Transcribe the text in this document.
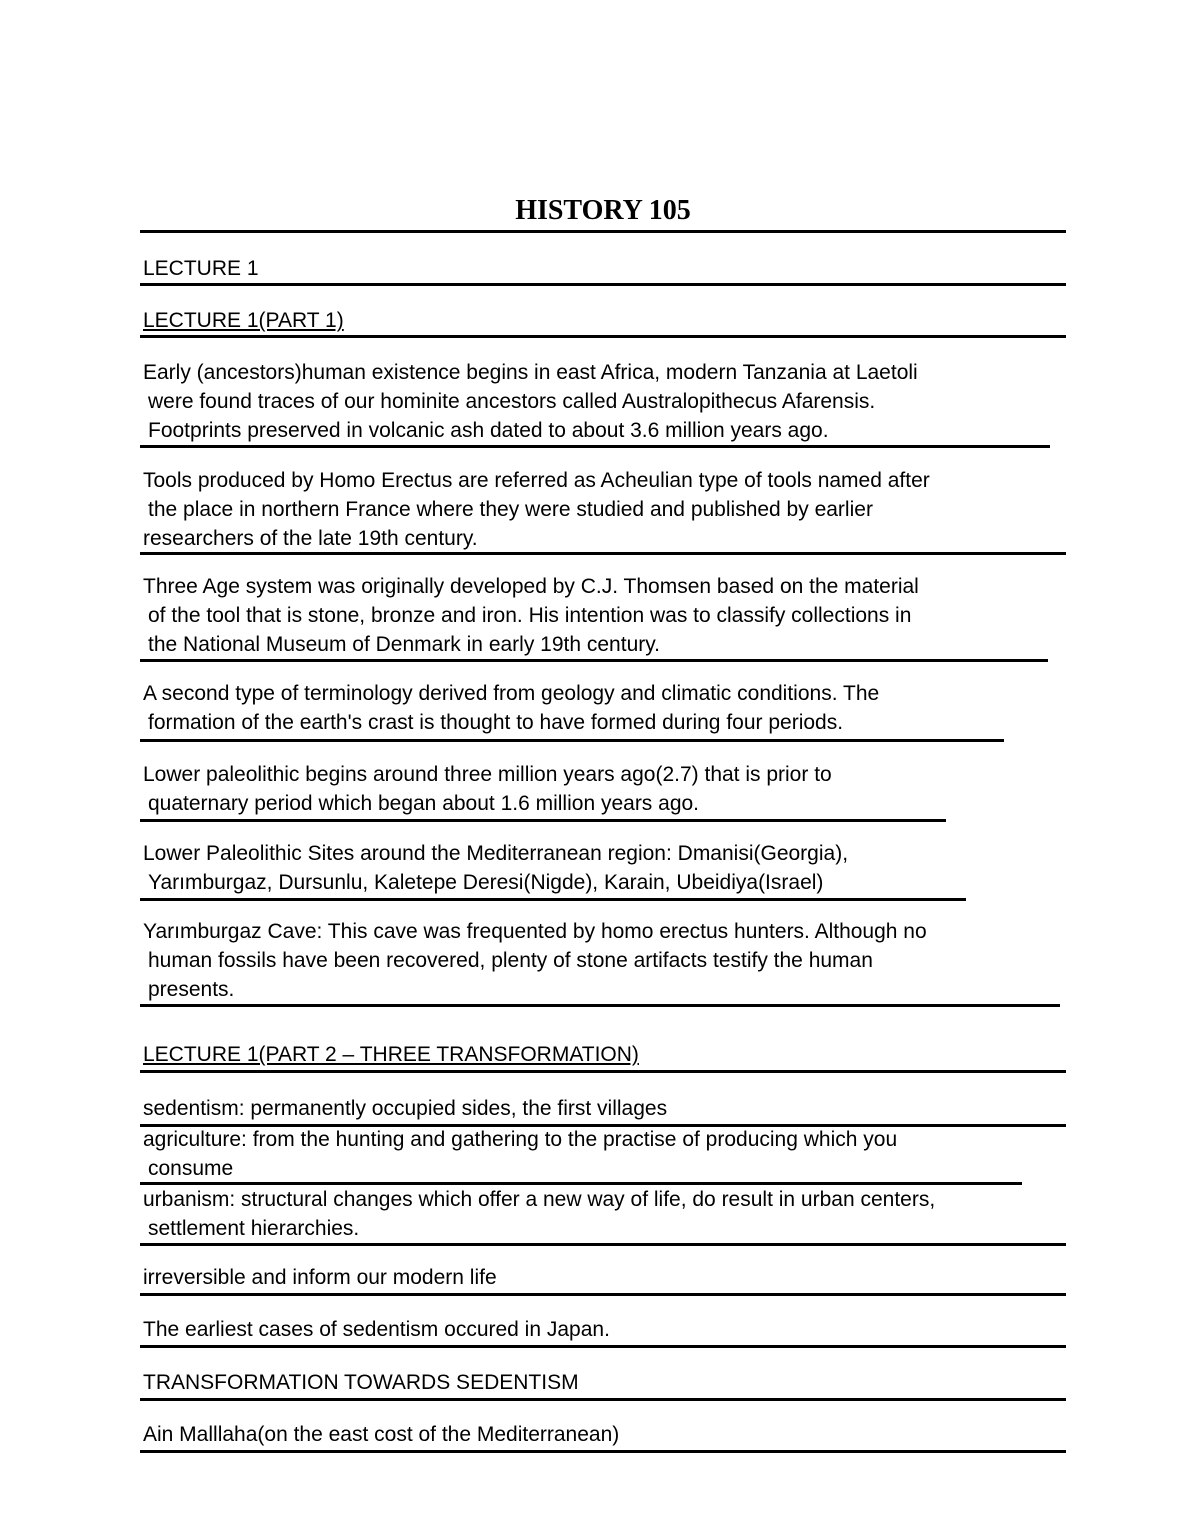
HISTORY 105
LECTURE 1
LECTURE 1(PART 1)
Early (ancestors)human existence begins in east Africa, modern Tanzania at Laetoli
were found traces of our hominite ancestors called Australopithecus Afarensis.
Footprints preserved in volcanic ash dated to about 3.6 million years ago.
Tools produced by Homo Erectus are referred as Acheulian type of tools named after
the place in northern France where they were studied and published by earlier
researchers of the late 19th century.
Three Age system was originally developed by C.J. Thomsen based on the material
of the tool that is stone, bronze and iron. His intention was to classify collections in
the National Museum of Denmark in early 19th century.
A second type of terminology derived from geology and climatic conditions. The
formation of the earth's crast is thought to have formed during four periods.
Lower paleolithic begins around three million years ago(2.7) that is prior to
quaternary period which began about 1.6 million years ago.
Lower Paleolithic Sites around the Mediterranean region: Dmanisi(Georgia),
Yarımburgaz, Dursunlu, Kaletepe Deresi(Nigde), Karain, Ubeidiya(Israel)
Yarımburgaz Cave: This cave was frequented by homo erectus hunters. Although no
human fossils have been recovered, plenty of stone artifacts testify the human
presents.
LECTURE 1(PART 2 – THREE TRANSFORMATION)
sedentism: permanently occupied sides, the first villages
agriculture: from the hunting and gathering to the practise of producing which you
consume
urbanism: structural changes which offer a new way of life, do result in urban centers,
settlement hierarchies.
irreversible and inform our modern life
The earliest cases of sedentism occured in Japan.
TRANSFORMATION TOWARDS SEDENTISM
Ain Malllaha(on the east cost of the Mediterranean)
